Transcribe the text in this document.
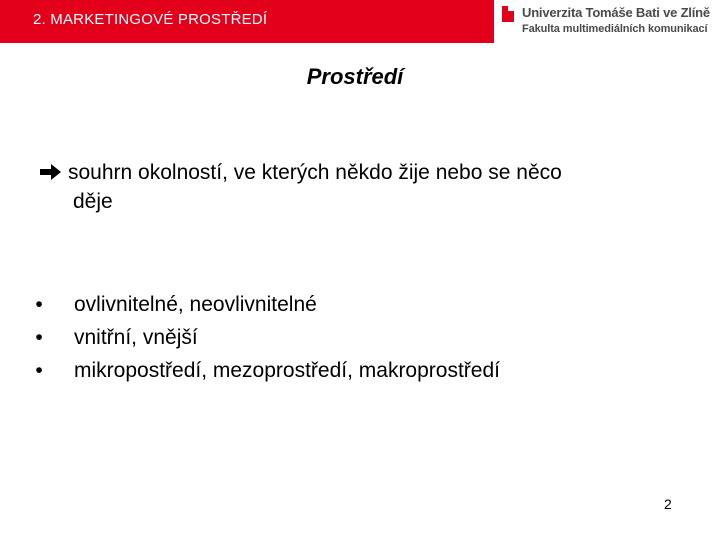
2. MARKETINGOVÉ PROSTŘEDÍ	Univerzita Tomáše Bati ve Zlíně
Fakulta multimediálních komunikací
Prostředí
souhrn okolností, ve kterých někdo žije nebo se něco
děje
• ovlivnitelné, neovlivnitelné
• vnitřní, vnější
• mikropostředí, mezoprostředí, makroprostředí
2
